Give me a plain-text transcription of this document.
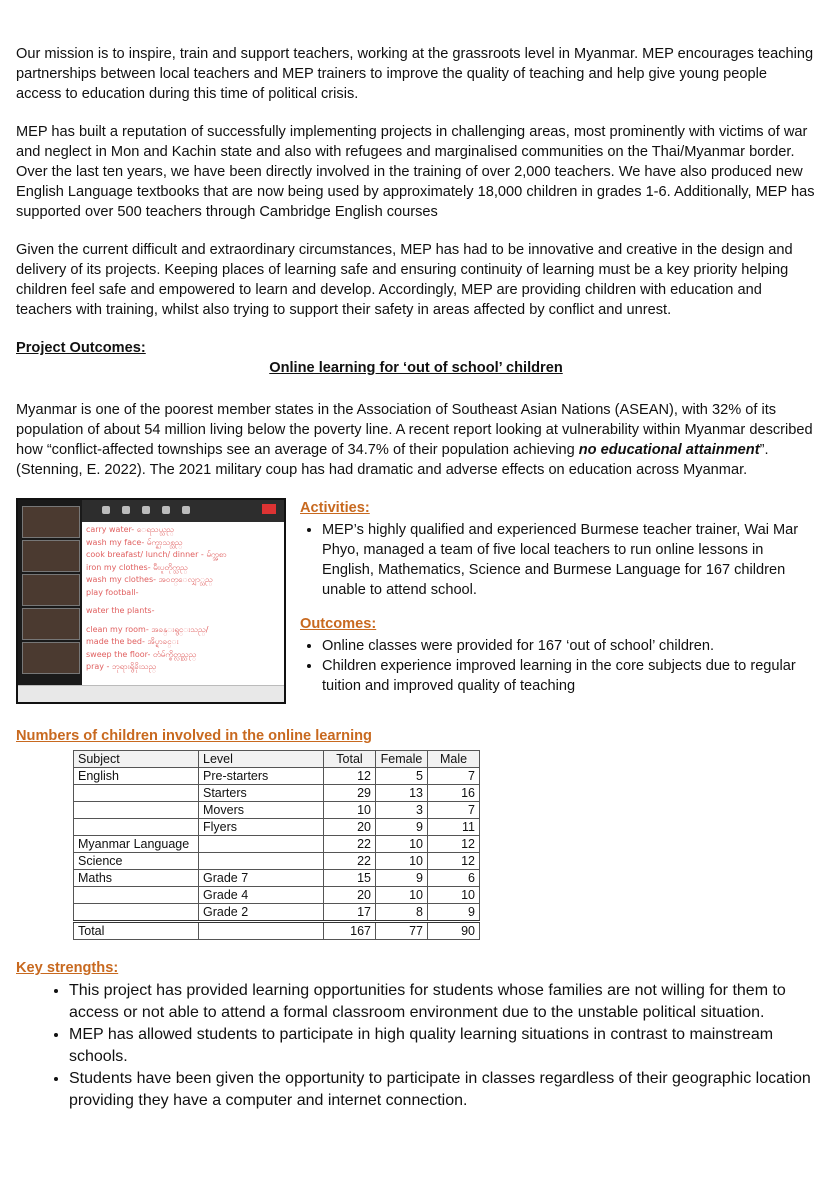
Our mission is to inspire, train and support teachers, working at the grassroots level in Myanmar. MEP encourages teaching partnerships between local teachers and MEP trainers to improve the quality of teaching and help give young people access to education during this time of political crisis.

MEP has built a reputation of successfully implementing projects in challenging areas, most prominently with victims of war and neglect in Mon and Kachin state and also with refugees and marginalised communities on the Thai/Myanmar border. Over the last ten years, we have been directly involved in the training of over 2,000 teachers. We have also produced new English Language textbooks that are now being used by approximately 18,000 children in grades 1-6. Additionally, MEP has supported over 500 teachers through Cambridge English courses

Given the current difficult and extraordinary circumstances, MEP has had to be innovative and creative in the design and delivery of its projects. Keeping places of learning safe and ensuring continuity of learning must be a key priority helping children feel safe and empowered to learn and develop. Accordingly, MEP are providing children with education and teachers with training, whilst also trying to support their safety in areas affected by conflict and unrest.

Project Outcomes:
Online learning for ‘out of school’ children

Myanmar is one of the poorest member states in the Association of Southeast Asian Nations (ASEAN), with 32% of its population of about 54 million living below the poverty line. A recent report looking at vulnerability within Myanmar described how “conflict-affected townships see an average of 34.7% of their population achieving no educational attainment”. (Stenning, E. 2022). The 2021 military coup has had dramatic and adverse effects on education across Myanmar.

carry water- ေရသယ္သည္
wash my face- မ်က္နှာသစ္သည္
cook breafast/ lunch/ dinner - မ်က္အစာ
iron my clothes- မီးပူတိုက္သည္
wash my clothes- အဝတ္ေလျှာ္သည္
play football-
water the plants-
clean my room- အခန္းရွင္းသည္/
made the bed- အိပ္ရာခင္း
sweep the floor- တံမ်က္စိတ္လှည္သည္
pray - ဘုရားရွိခိုးသည္
Activities:
• MEP’s highly qualified and experienced Burmese teacher trainer, Wai Mar Phyo, managed a team of five local teachers to run online lessons in English, Mathematics, Science and Burmese Language for 167 children unable to attend school.
Outcomes:
• Online classes were provided for 167 ‘out of school’ children.
• Children experience improved learning in the core subjects due to regular tuition and improved quality of teaching
Numbers of children involved in the online learning
Subject	Level	Total	Female	Male
English	Pre-starters	12	5	7
	Starters	29	13	16
	Movers	10	3	7
	Flyers	20	9	11
Myanmar Language		22	10	12
Science		22	10	12
Maths	Grade 7	15	9	6
	Grade 4	20	10	10
	Grade 2	17	8	9
Total		167	77	90
Key strengths:
• This project has provided learning opportunities for students whose families are not willing for them to access or not able to attend a formal classroom environment due to the unstable political situation.
• MEP has allowed students to participate in high quality learning situations in contrast to mainstream schools.
• Students have been given the opportunity to participate in classes regardless of their geographic location providing they have a computer and internet connection.
